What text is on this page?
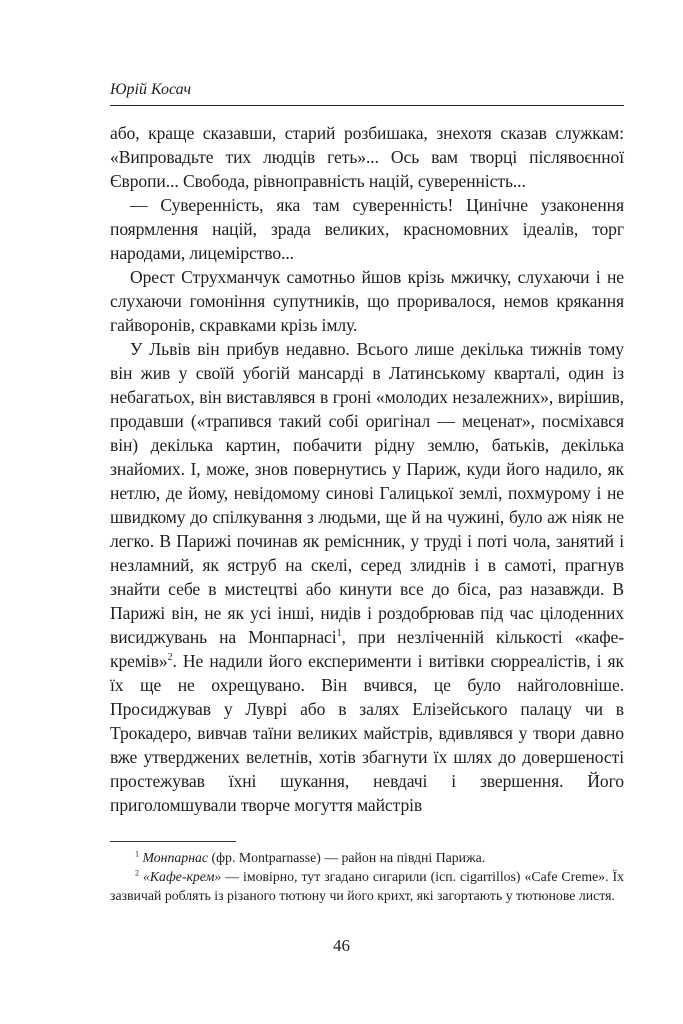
Юрій Косач

або, краще сказавши, старий розбишака, знехотя сказав служкам: «Випровадьте тих людців геть»... Ось вам творці післявоєнної Європи... Свобода, рівноправність націй, суверенність...

— Суверенність, яка там суверенність! Цинічне узаконення поярмлення націй, зрада великих, красномовних ідеалів, торг народами, лицемірство...

Орест Струхманчук самотньо йшов крізь мжичку, слухаючи і не слухаючи гомоніння супутників, що проривалося, немов крякання гайворонів, скравками крізь імлу.

У Львів він прибув недавно. Всього лише декілька тижнів тому він жив у своїй убогій мансарді в Латинському кварталі, один із небагатьох, він виставлявся в гроні «молодих незалежних», вирішив, продавши («трапився такий собі оригінал — меценат», посміхався він) декілька картин, побачити рідну землю, батьків, декілька знайомих. І, може, знов повернутись у Париж, куди його надило, як нетлю, де йому, невідомому синові Галицької землі, похмурому і не швидкому до спілкування з людьми, ще й на чужині, було аж ніяк не легко. В Парижі починав як реміснник, у труді і поті чола, занятий і незламний, як яструб на скелі, серед злиднів і в самоті, прагнув знайти себе в мистецтві або кинути все до біса, раз назавжди. В Парижі він, не як усі інші, нидів і роздобрював під час цілоденних висиджувань на Монпарнасі$^1$, при незліченній кількості «кафе-кремів»$^2$. Не надили його експерименти і витівки сюрреалістів, і як їх ще не охрещувано. Він вчився, це було найголовніше. Просиджував у Луврі або в залях Елізейського палацу чи в Трокадеро, вивчав таїни великих майстрів, вдивлявся у твори давно вже утверджених велетнів, хотів збагнути їх шлях до довершеності простежував їхні шукання, невдачі і звершення. Його приголомшували творче могуття майстрів

$^1$ Монпарнас (фр. Montparnasse) — район на півдні Парижа.

$^2$ «Кафе-крем» — імовірно, тут згадано сигарили (ісп. cigarrillos) «Cafe Creme». Їх зазвичай роблять із різаного тютюну чи його крихт, які загортають у тютюнове листя.

46
